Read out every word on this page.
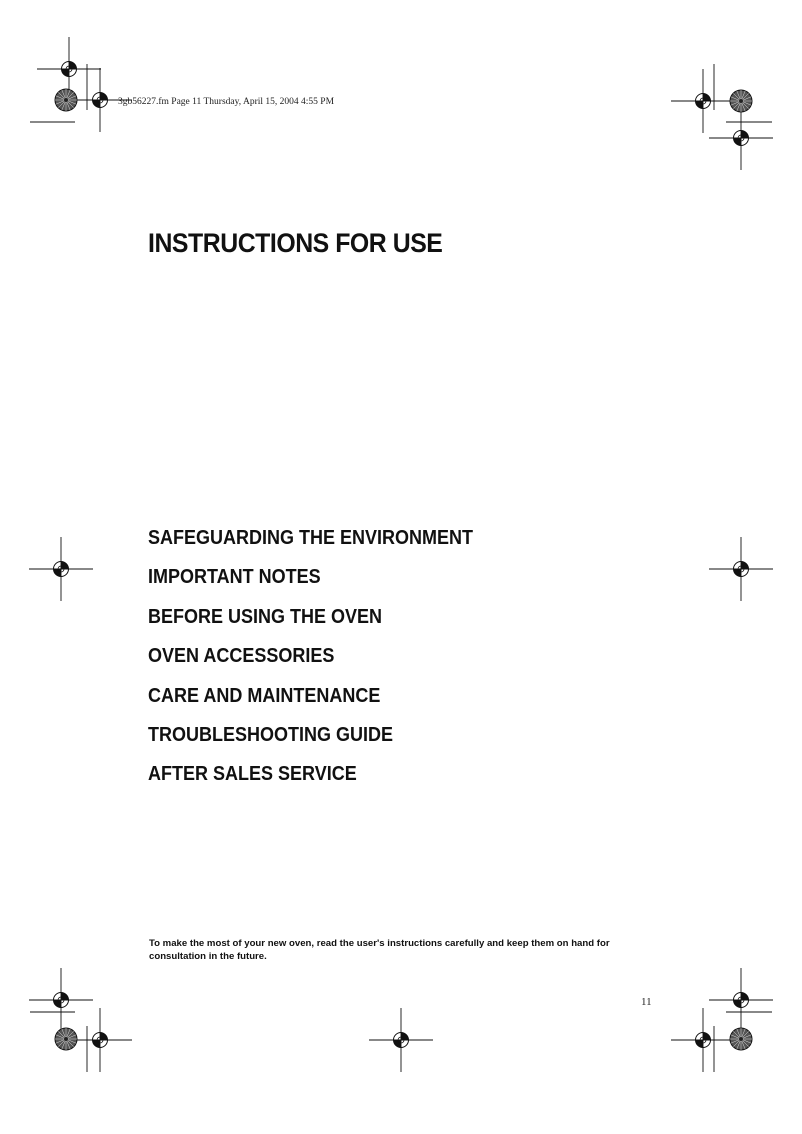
3gb56227.fm Page 11 Thursday, April 15, 2004 4:55 PM
INSTRUCTIONS FOR USE
SAFEGUARDING THE ENVIRONMENT
IMPORTANT NOTES
BEFORE USING THE OVEN
OVEN ACCESSORIES
CARE AND MAINTENANCE
TROUBLESHOOTING GUIDE
AFTER SALES SERVICE

To make the most of your new oven, read the user's instructions carefully and keep them on hand for consultation in the future.

11
